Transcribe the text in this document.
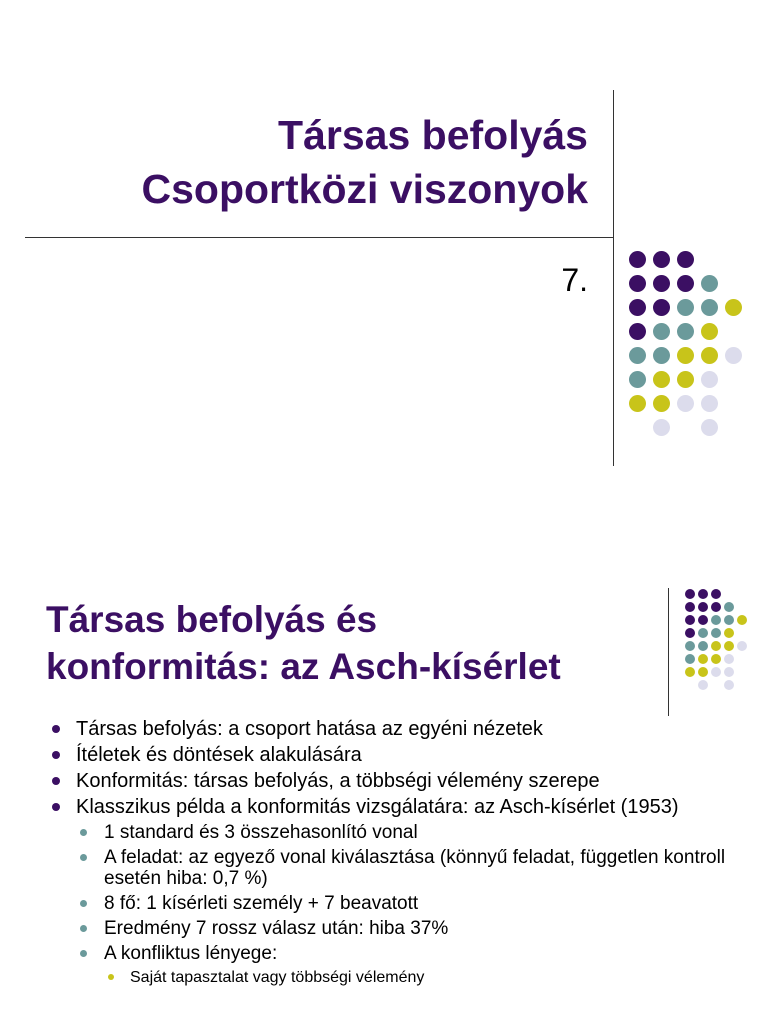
Társas befolyás
Csoportközi viszonyok
7.
Társas befolyás és
konformitás: az Asch-kísérlet
Társas befolyás: a csoport hatása az egyéni nézetek
Ítéletek és döntések alakulására
Konformitás: társas befolyás, a többségi vélemény szerepe
Klasszikus példa a konformitás vizsgálatára: az Asch-kísérlet (1953)
1 standard és 3 összehasonlító vonal
A feladat: az egyező vonal kiválasztása (könnyű feladat, független kontroll esetén hiba: 0,7 %)
8 fő: 1 kísérleti személy + 7 beavatott
Eredmény 7 rossz válasz után: hiba 37%
A konfliktus lényege:
Saját tapasztalat vagy többségi vélemény
